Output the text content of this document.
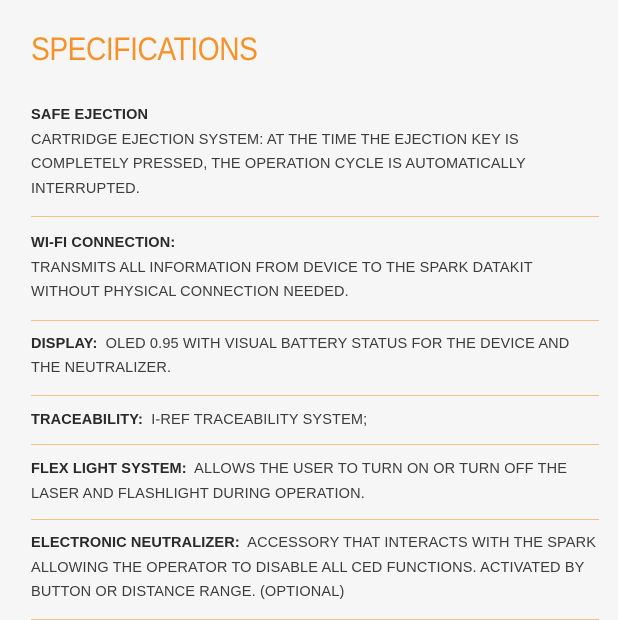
SPECIFICATIONS
SAFE EJECTION
CARTRIDGE EJECTION SYSTEM: AT THE TIME THE EJECTION KEY IS COMPLETELY PRESSED, THE OPERATION CYCLE IS AUTOMATICALLY INTERRUPTED.
WI-FI CONNECTION:
TRANSMITS ALL INFORMATION FROM DEVICE TO THE SPARK DATAKIT WITHOUT PHYSICAL CONNECTION NEEDED.
DISPLAY: OLED 0.95 WITH VISUAL BATTERY STATUS FOR THE DEVICE AND THE NEUTRALIZER.
TRACEABILITY: I-REF TRACEABILITY SYSTEM;
FLEX LIGHT SYSTEM: ALLOWS THE USER TO TURN ON OR TURN OFF THE LASER AND FLASHLIGHT DURING OPERATION.
ELECTRONIC NEUTRALIZER: ACCESSORY THAT INTERACTS WITH THE SPARK ALLOWING THE OPERATOR TO DISABLE ALL CED FUNCTIONS. ACTIVATED BY BUTTON OR DISTANCE RANGE. (OPTIONAL)
